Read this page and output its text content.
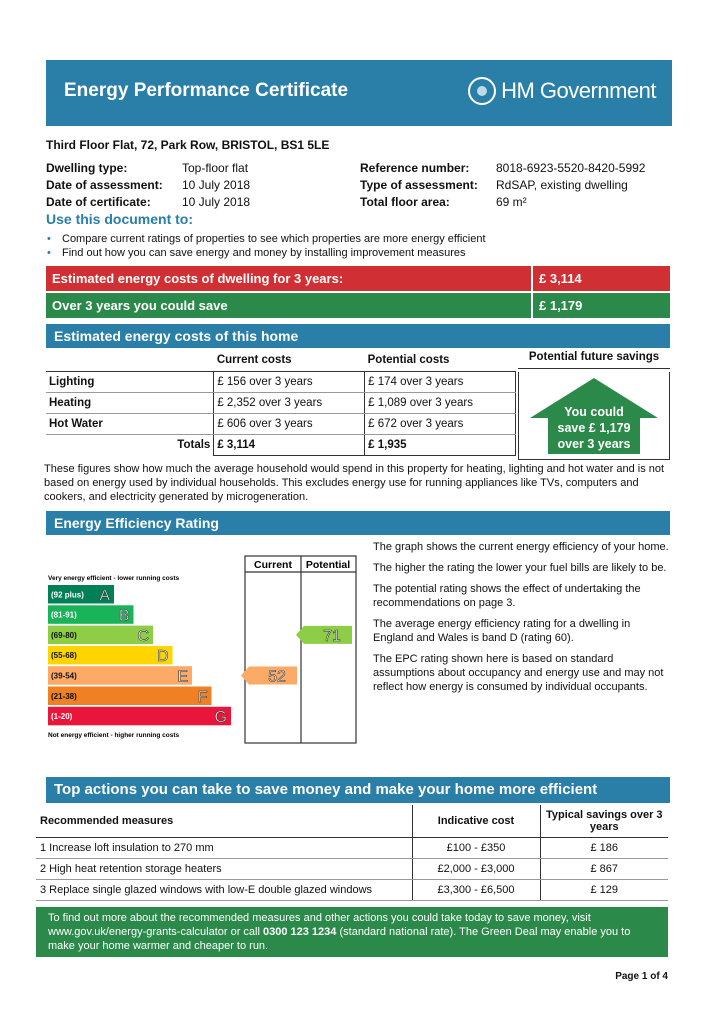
Energy Performance Certificate	HM Government
Third Floor Flat, 72, Park Row, BRISTOL, BS1 5LE
Dwelling type:	Top-floor flat
Date of assessment:	10 July 2018
Date of certificate:	10 July 2018
Reference number:	8018-6923-5520-8420-5992
Type of assessment:	RdSAP, existing dwelling
Total floor area:	69 m²
Use this document to:
• Compare current ratings of properties to see which properties are more energy efficient
• Find out how you can save energy and money by installing improvement measures
Estimated energy costs of dwelling for 3 years:	£ 3,114
Over 3 years you could save	£ 1,179
Estimated energy costs of this home
	Current costs	Potential costs
Lighting	£ 156 over 3 years	£ 174 over 3 years
Heating	£ 2,352 over 3 years	£ 1,089 over 3 years
Hot Water	£ 606 over 3 years	£ 672 over 3 years
Totals	£ 3,114	£ 1,935
Potential future savings
You could
save £ 1,179
over 3 years
These figures show how much the average household would spend in this property for heating, lighting and hot water and is not based on energy used by individual households. This excludes energy use for running appliances like TVs, computers and cookers, and electricity generated by microgeneration.
Energy Efficiency Rating
Current Potential
Very energy efficient - lower running costs
(92 plus) A
(81-91)	B
(69-80)	C
(55-68)	D
(39-54)	E
(21-38)	F
(1-20)	G
Not energy efficient - higher running costs
52
71

The graph shows the current energy efficiency of your home.

The higher the rating the lower your fuel bills are likely to be.

The potential rating shows the effect of undertaking the recommendations on page 3.

The average energy efficiency rating for a dwelling in England and Wales is band D (rating 60).

The EPC rating shown here is based on standard assumptions about occupancy and energy use and may not reflect how energy is consumed by individual occupants.

Top actions you can take to save money and make your home more efficient
Recommended measures	Indicative cost	Typical savings over 3 years
1 Increase loft insulation to 270 mm	£100 - £350	£ 186
2 High heat retention storage heaters	£2,000 - £3,000	£ 867
3 Replace single glazed windows with low-E double glazed windows	£3,300 - £6,500	£ 129
To find out more about the recommended measures and other actions you could take today to save money, visit www.gov.uk/energy-grants-calculator or call 0300 123 1234 (standard national rate). The Green Deal may enable you to make your home warmer and cheaper to run.
Page 1 of 4
